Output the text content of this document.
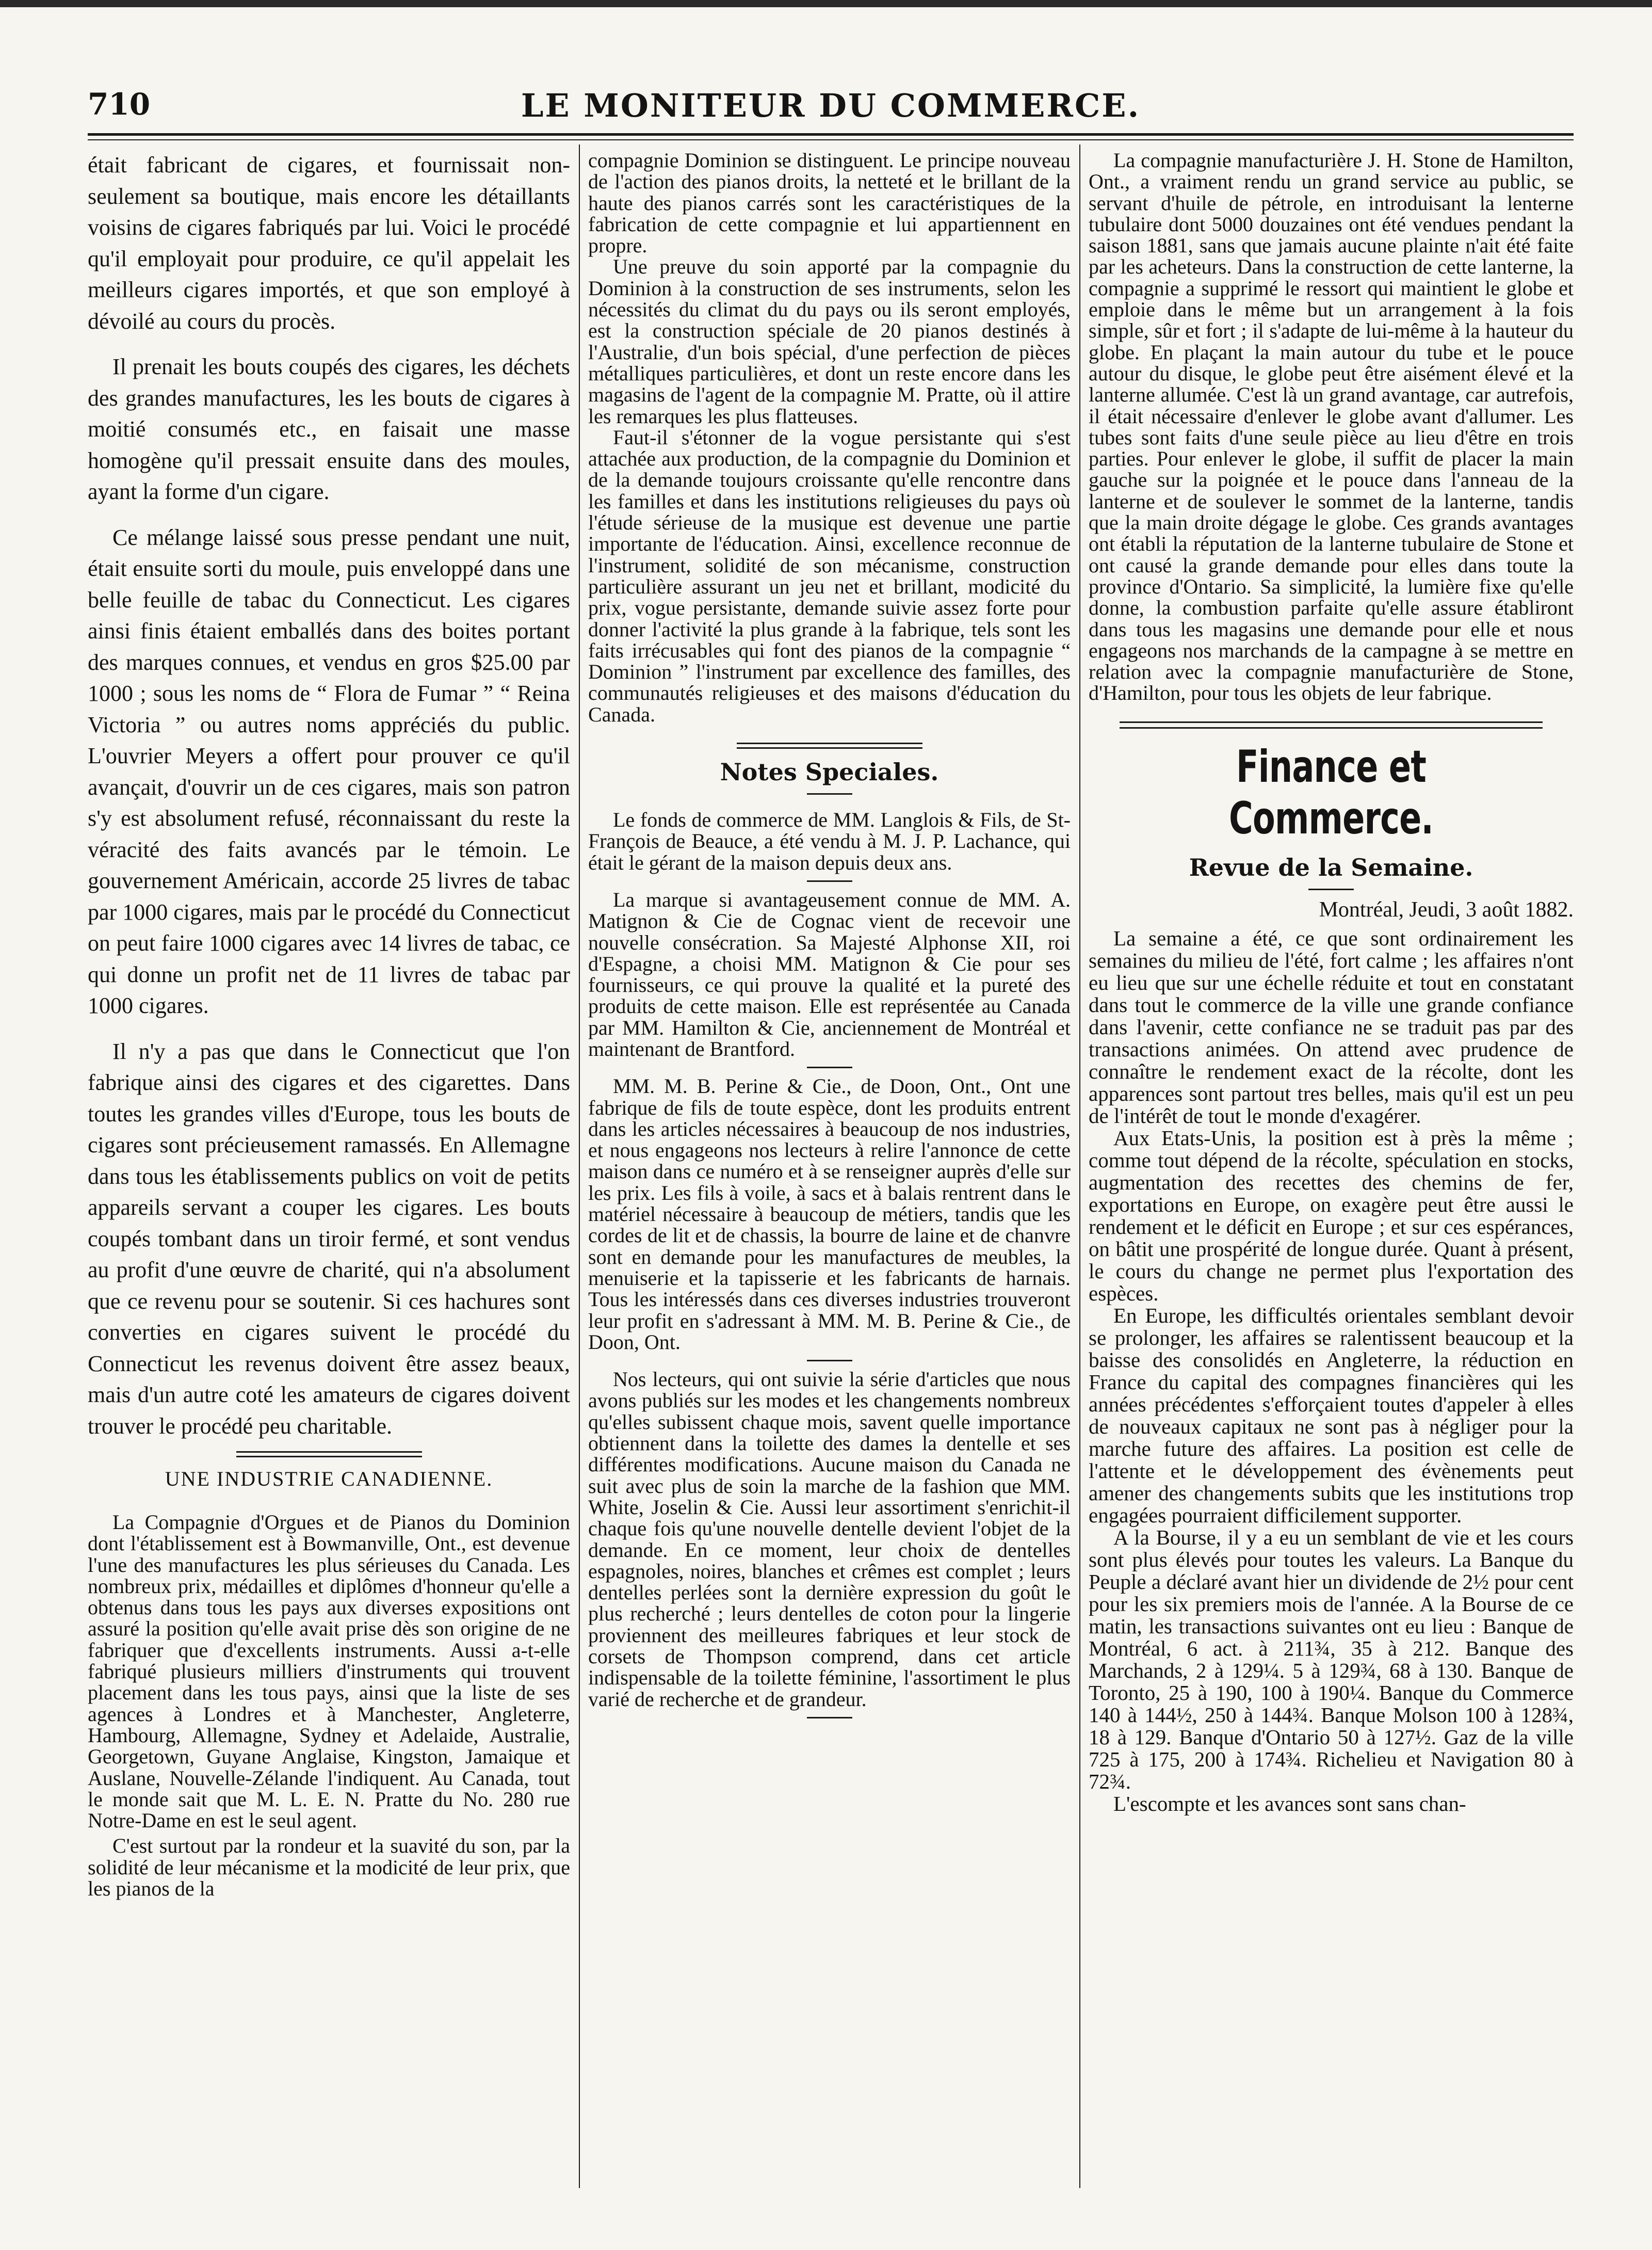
710	LE MONITEUR DU COMMERCE.

était fabricant de cigares, et fournissait non-seulement sa boutique, mais encore les détaillants voisins de cigares fabriqués par lui. Voici le procédé qu'il employait pour produire, ce qu'il appelait les meilleurs cigares importés, et que son employé à dévoilé au cours du procès.

Il prenait les bouts coupés des cigares, les déchets des grandes manufactures, les les bouts de cigares à moitié consumés etc., en faisait une masse homogène qu'il pressait ensuite dans des moules, ayant la forme d'un cigare.

Ce mélange laissé sous presse pendant une nuit, était ensuite sorti du moule, puis enveloppé dans une belle feuille de tabac du Connecticut. Les cigares ainsi finis étaient emballés dans des boites portant des marques connues, et vendus en gros $25.00 par 1000 ; sous les noms de “ Flora de Fumar ” “ Reina Victoria ” ou autres noms appréciés du public. L'ouvrier Meyers a offert pour prouver ce qu'il avançait, d'ouvrir un de ces cigares, mais son patron s'y est absolument refusé, réconnaissant du reste la véracité des faits avancés par le témoin. Le gouvernement Américain, accorde 25 livres de tabac par 1000 cigares, mais par le procédé du Connecticut on peut faire 1000 cigares avec 14 livres de tabac, ce qui donne un profit net de 11 livres de tabac par 1000 cigares.

Il n'y a pas que dans le Connecticut que l'on fabrique ainsi des cigares et des cigarettes. Dans toutes les grandes villes d'Europe, tous les bouts de cigares sont précieusement ramassés. En Allemagne dans tous les établissements publics on voit de petits appareils servant a couper les cigares. Les bouts coupés tombant dans un tiroir fermé, et sont vendus au profit d'une œuvre de charité, qui n'a absolument que ce revenu pour se soutenir. Si ces hachures sont converties en cigares suivent le procédé du Connecticut les revenus doivent être assez beaux, mais d'un autre coté les amateurs de cigares doivent trouver le procédé peu charitable.

UNE INDUSTRIE CANADIENNE.

La Compagnie d'Orgues et de Pianos du Dominion dont l'établissement est à Bowmanville, Ont., est devenue l'une des manufactures les plus sérieuses du Canada. Les nombreux prix, médailles et diplômes d'honneur qu'elle a obtenus dans tous les pays aux diverses expositions ont assuré la position qu'elle avait prise dès son origine de ne fabriquer que d'excellents instruments. Aussi a-t-elle fabriqué plusieurs milliers d'instruments qui trouvent placement dans les tous pays, ainsi que la liste de ses agences à Londres et à Manchester, Angleterre, Hambourg, Allemagne, Sydney et Adelaide, Australie, Georgetown, Guyane Anglaise, Kingston, Jamaique et Auslane, Nouvelle-Zélande l'indiquent. Au Canada, tout le monde sait que M. L. E. N. Pratte du No. 280 rue Notre-Dame en est le seul agent.

C'est surtout par la rondeur et la suavité du son, par la solidité de leur mécanisme et la modicité de leur prix, que les pianos de la

compagnie Dominion se distinguent. Le principe nouveau de l'action des pianos droits, la netteté et le brillant de la haute des pianos carrés sont les caractéristiques de la fabrication de cette compagnie et lui appartiennent en propre.

Une preuve du soin apporté par la compagnie du Dominion à la construction de ses instruments, selon les nécessités du climat du du pays ou ils seront employés, est la construction spéciale de 20 pianos destinés à l'Australie, d'un bois spécial, d'une perfection de pièces métalliques particulières, et dont un reste encore dans les magasins de l'agent de la compagnie M. Pratte, où il attire les remarques les plus flatteuses.

Faut-il s'étonner de la vogue persistante qui s'est attachée aux production, de la compagnie du Dominion et de la demande toujours croissante qu'elle rencontre dans les familles et dans les institutions religieuses du pays où l'étude sérieuse de la musique est devenue une partie importante de l'éducation. Ainsi, excellence reconnue de l'instrument, solidité de son mécanisme, construction particulière assurant un jeu net et brillant, modicité du prix, vogue persistante, demande suivie assez forte pour donner l'activité la plus grande à la fabrique, tels sont les faits irrécusables qui font des pianos de la compagnie “ Dominion ” l'instrument par excellence des familles, des communautés religieuses et des maisons d'éducation du Canada.

Notes Speciales.

Le fonds de commerce de MM. Langlois & Fils, de St-François de Beauce, a été vendu à M. J. P. Lachance, qui était le gérant de la maison depuis deux ans.

La marque si avantageusement connue de MM. A. Matignon & Cie de Cognac vient de recevoir une nouvelle consécration. Sa Majesté Alphonse XII, roi d'Espagne, a choisi MM. Matignon & Cie pour ses fournisseurs, ce qui prouve la qualité et la pureté des produits de cette maison. Elle est représentée au Canada par MM. Hamilton & Cie, anciennement de Montréal et maintenant de Brantford.

MM. M. B. Perine & Cie., de Doon, Ont., Ont une fabrique de fils de toute espèce, dont les produits entrent dans les articles nécessaires à beaucoup de nos industries, et nous engageons nos lecteurs à relire l'annonce de cette maison dans ce numéro et à se renseigner auprès d'elle sur les prix. Les fils à voile, à sacs et à balais rentrent dans le matériel nécessaire à beaucoup de métiers, tandis que les cordes de lit et de chassis, la bourre de laine et de chanvre sont en demande pour les manufactures de meubles, la menuiserie et la tapisserie et les fabricants de harnais. Tous les intéressés dans ces diverses industries trouveront leur profit en s'adressant à MM. M. B. Perine & Cie., de Doon, Ont.

Nos lecteurs, qui ont suivie la série d'articles que nous avons publiés sur les modes et les changements nombreux qu'elles subissent chaque mois, savent quelle importance obtiennent dans la toilette des dames la dentelle et ses différentes modifications. Aucune maison du Canada ne suit avec plus de soin la marche de la fashion que MM. White, Joselin & Cie. Aussi leur assortiment s'enrichit-il chaque fois qu'une nouvelle dentelle devient l'objet de la demande. En ce moment, leur choix de dentelles espagnoles, noires, blanches et crêmes est complet ; leurs dentelles perlées sont la dernière expression du goût le plus recherché ; leurs dentelles de coton pour la lingerie proviennent des meilleures fabriques et leur stock de corsets de Thompson comprend, dans cet article indispensable de la toilette féminine, l'assortiment le plus varié de recherche et de grandeur.

La compagnie manufacturière J. H. Stone de Hamilton, Ont., a vraiment rendu un grand service au public, se servant d'huile de pétrole, en introduisant la lenterne tubulaire dont 5000 douzaines ont été vendues pendant la saison 1881, sans que jamais aucune plainte n'ait été faite par les acheteurs. Dans la construction de cette lanterne, la compagnie a supprimé le ressort qui maintient le globe et emploie dans le même but un arrangement à la fois simple, sûr et fort ; il s'adapte de lui-même à la hauteur du globe. En plaçant la main autour du tube et le pouce autour du disque, le globe peut être aisément élevé et la lanterne allumée. C'est là un grand avantage, car autrefois, il était nécessaire d'enlever le globe avant d'allumer. Les tubes sont faits d'une seule pièce au lieu d'être en trois parties. Pour enlever le globe, il suffit de placer la main gauche sur la poignée et le pouce dans l'anneau de la lanterne et de soulever le sommet de la lanterne, tandis que la main droite dégage le globe. Ces grands avantages ont établi la réputation de la lanterne tubulaire de Stone et ont causé la grande demande pour elles dans toute la province d'Ontario. Sa simplicité, la lumière fixe qu'elle donne, la combustion parfaite qu'elle assure établiront dans tous les magasins une demande pour elle et nous engageons nos marchands de la campagne à se mettre en relation avec la compagnie manufacturière de Stone, d'Hamilton, pour tous les objets de leur fabrique.

Finance et Commerce.
Revue de la Semaine.
Montréal, Jeudi, 3 août 1882.

La semaine a été, ce que sont ordinairement les semaines du milieu de l'été, fort calme ; les affaires n'ont eu lieu que sur une échelle réduite et tout en constatant dans tout le commerce de la ville une grande confiance dans l'avenir, cette confiance ne se traduit pas par des transactions animées. On attend avec prudence de connaître le rendement exact de la récolte, dont les apparences sont partout tres belles, mais qu'il est un peu de l'intérêt de tout le monde d'exagérer.

Aux Etats-Unis, la position est à près la même ; comme tout dépend de la récolte, spéculation en stocks, augmentation des recettes des chemins de fer, exportations en Europe, on exagère peut être aussi le rendement et le déficit en Europe ; et sur ces espérances, on bâtit une prospérité de longue durée. Quant à présent, le cours du change ne permet plus l'exportation des espèces.

En Europe, les difficultés orientales semblant devoir se prolonger, les affaires se ralentissent beaucoup et la baisse des consolidés en Angleterre, la réduction en France du capital des compagnes financières qui les années précédentes s'efforçaient toutes d'appeler à elles de nouveaux capitaux ne sont pas à négliger pour la marche future des affaires. La position est celle de l'attente et le développement des évènements peut amener des changements subits que les institutions trop engagées pourraient difficilement supporter.

A la Bourse, il y a eu un semblant de vie et les cours sont plus élevés pour toutes les valeurs. La Banque du Peuple a déclaré avant hier un dividende de 2½ pour cent pour les six premiers mois de l'année. A la Bourse de ce matin, les transactions suivantes ont eu lieu : Banque de Montréal, 6 act. à 211¾, 35 à 212. Banque des Marchands, 2 à 129¼. 5 à 129¾, 68 à 130. Banque de Toronto, 25 à 190, 100 à 190¼. Banque du Commerce 140 à 144½, 250 à 144¾. Banque Molson 100 à 128¾, 18 à 129. Banque d'Ontario 50 à 127½. Gaz de la ville 725 à 175, 200 à 174¾. Richelieu et Navigation 80 à 72¾.

L'escompte et les avances sont sans chan-
